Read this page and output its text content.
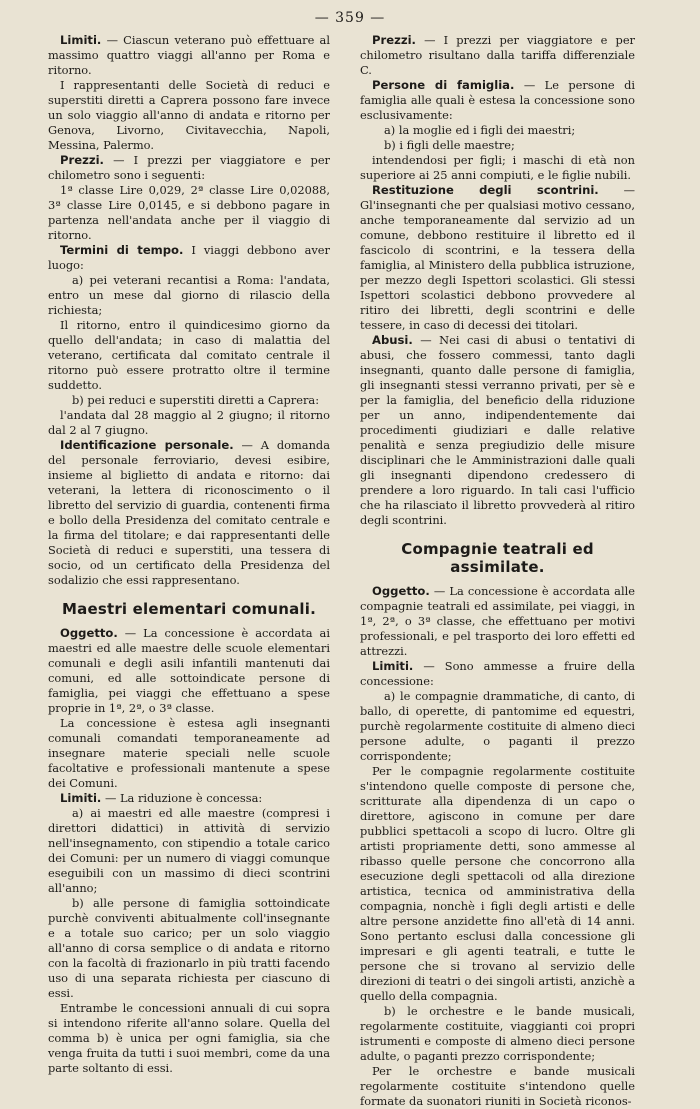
— 359 —

Limiti. — Ciascun veterano può effettuare al massimo quattro viaggi all'anno per Roma e ritorno.

I rappresentanti delle Società di reduci e superstiti diretti a Caprera possono fare invece un solo viaggio all'anno di andata e ritorno per Genova, Livorno, Civitavecchia, Napoli, Messina, Palermo.

Prezzi. — I prezzi per viaggiatore e per chilometro sono i seguenti:

1ª classe Lire 0,029, 2ª classe Lire 0,02088, 3ª classe Lire 0,0145, e si debbono pagare in partenza nell'andata anche per il viaggio di ritorno.

Termini di tempo. I viaggi debbono aver luogo:

a) pei veterani recantisi a Roma: l'andata, entro un mese dal giorno di rilascio della richiesta;

Il ritorno, entro il quindicesimo giorno da quello dell'andata; in caso di malattia del veterano, certificata dal comitato centrale il ritorno può essere protratto oltre il termine suddetto.

b) pei reduci e superstiti diretti a Caprera:

l'andata dal 28 maggio al 2 giugno; il ritorno dal 2 al 7 giugno.

Identificazione personale. — A domanda del personale ferroviario, devesi esibire, insieme al biglietto di andata e ritorno: dai veterani, la lettera di riconoscimento o il libretto del servizio di guardia, contenenti firma e bollo della Presidenza del comitato centrale e la firma del titolare; e dai rappresentanti delle Società di reduci e superstiti, una tessera di socio, od un certificato della Presidenza del sodalizio che essi rappresentano.

Maestri elementari comunali.

Oggetto. — La concessione è accordata ai maestri ed alle maestre delle scuole elementari comunali e degli asili infantili mantenuti dai comuni, ed alle sottoindicate persone di famiglia, pei viaggi che effettuano a spese proprie in 1ª, 2ª, o 3ª classe.

La concessione è estesa agli insegnanti comunali comandati temporaneamente ad insegnare materie speciali nelle scuole facoltative e professionali mantenute a spese dei Comuni.

Limiti. — La riduzione è concessa:

a) ai maestri ed alle maestre (compresi i direttori didattici) in attività di servizio nell'insegnamento, con stipendio a totale carico dei Comuni: per un numero di viaggi comunque eseguibili con un massimo di dieci scontrini all'anno;

b) alle persone di famiglia sottoindicate purchè conviventi abitualmente coll'insegnante e a totale suo carico; per un solo viaggio all'anno di corsa semplice o di andata e ritorno con la facoltà di frazionarlo in più tratti facendo uso di una separata richiesta per ciascuno di essi.

Entrambe le concessioni annuali di cui sopra si intendono riferite all'anno solare. Quella del comma b) è unica per ogni famiglia, sia che venga fruita da tutti i suoi membri, come da una parte soltanto di essi.

Prezzi. — I prezzi per viaggiatore e per chilometro risultano dalla tariffa differenziale C.

Persone di famiglia. — Le persone di famiglia alle quali è estesa la concessione sono esclusivamente:

a) la moglie ed i figli dei maestri;

b) i figli delle maestre;

intendendosi per figli; i maschi di età non superiore ai 25 anni compiuti, e le figlie nubili.

Restituzione degli scontrini. — Gl'insegnanti che per qualsiasi motivo cessano, anche temporaneamente dal servizio ad un comune, debbono restituire il libretto ed il fascicolo di scontrini, e la tessera della famiglia, al Ministero della pubblica istruzione, per mezzo degli Ispettori scolastici. Gli stessi Ispettori scolastici debbono provvedere al ritiro dei libretti, degli scontrini e delle tessere, in caso di decessi dei titolari.

Abusi. — Nei casi di abusi o tentativi di abusi, che fossero commessi, tanto dagli insegnanti, quanto dalle persone di famiglia, gli insegnanti stessi verranno privati, per sè e per la famiglia, del beneficio della riduzione per un anno, indipendentemente dai procedimenti giudiziari e dalle relative penalità e senza pregiudizio delle misure disciplinari che le Amministrazioni dalle quali gli insegnanti dipendono credessero di prendere a loro riguardo. In tali casi l'ufficio che ha rilasciato il libretto provvederà al ritiro degli scontrini.

Compagnie teatrali ed assimilate.

Oggetto. — La concessione è accordata alle compagnie teatrali ed assimilate, pei viaggi, in 1ª, 2ª, o 3ª classe, che effettuano per motivi professionali, e pel trasporto dei loro effetti ed attrezzi.

Limiti. — Sono ammesse a fruire della concessione:

a) le compagnie drammatiche, di canto, di ballo, di operette, di pantomime ed equestri, purchè regolarmente costituite di almeno dieci persone adulte, o paganti il prezzo corrispondente;

Per le compagnie regolarmente costituite s'intendono quelle composte di persone che, scritturate alla dipendenza di un capo o direttore, agiscono in comune per dare pubblici spettacoli a scopo di lucro. Oltre gli artisti propriamente detti, sono ammesse al ribasso quelle persone che concorrono alla esecuzione degli spettacoli od alla direzione artistica, tecnica od amministrativa della compagnia, nonchè i figli degli artisti e delle altre persone anzidette fino all'età di 14 anni. Sono pertanto esclusi dalla concessione gli impresari e gli agenti teatrali, e tutte le persone che si trovano al servizio delle direzioni di teatri o dei singoli artisti, anzichè a quello della compagnia.

b) le orchestre e le bande musicali, regolarmente costituite, viaggianti coi propri istrumenti e composte di almeno dieci persone adulte, o paganti prezzo corrispondente;

Per le orchestre e bande musicali regolarmente costituite s'intendono quelle formate da suonatori riuniti in Società riconos-
